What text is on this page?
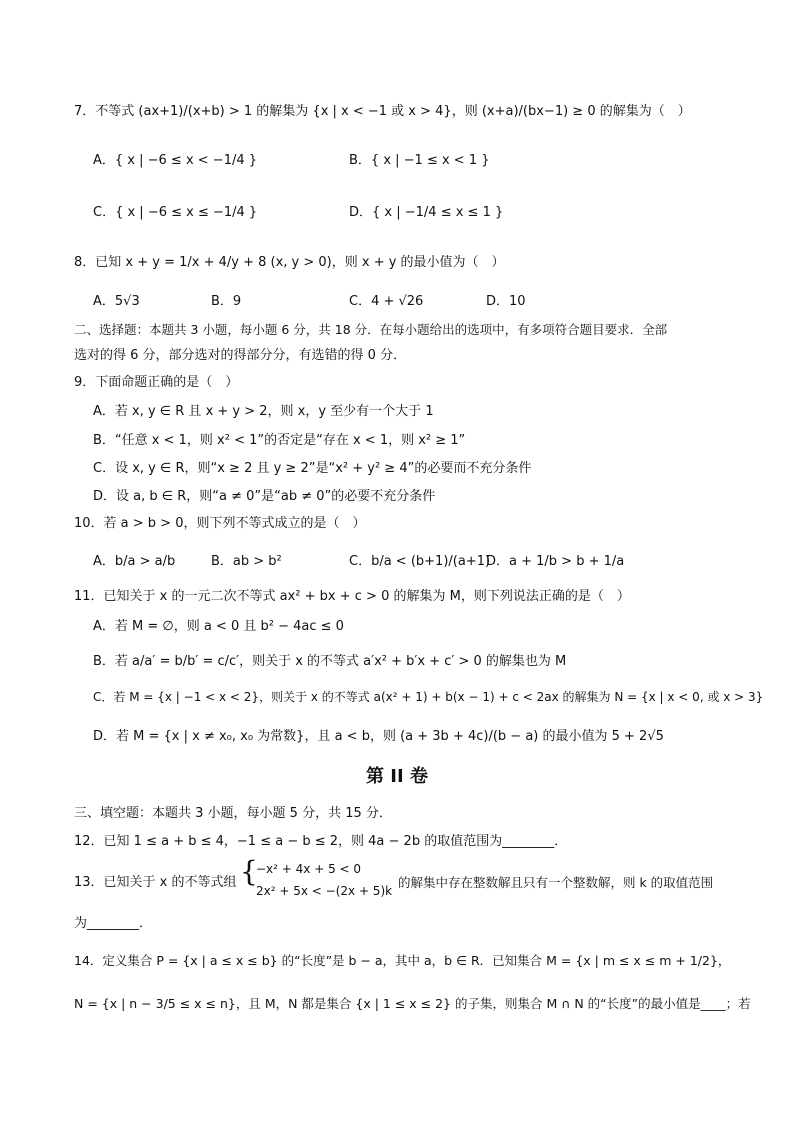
7．不等式 (ax+1)/(x+b) > 1 的解集为 {x | x < −1 或 x > 4}，则 (x+a)/(bx−1) ≥ 0 的解集为（　）
A．{ x | −6 ≤ x < −1/4 }	B．{ x | −1 ≤ x < 1 }
C．{ x | −6 ≤ x ≤ −1/4 }	D．{ x | −1/4 ≤ x ≤ 1 }
8．已知 x + y = 1/x + 4/y + 8 (x, y > 0)，则 x + y 的最小值为（　）
A．5√3	B．9	C．4 + √26	D．10
二、选择题：本题共 3 小题，每小题 6 分，共 18 分．在每小题给出的选项中，有多项符合题目要求．全部
选对的得 6 分，部分选对的得部分分，有选错的得 0 分．
9．下面命题正确的是（　）
A．若 x, y ∈ R 且 x + y > 2，则 x，y 至少有一个大于 1
B．“任意 x < 1，则 x² < 1”的否定是“存在 x < 1，则 x² ≥ 1”
C．设 x, y ∈ R，则“x ≥ 2 且 y ≥ 2”是“x² + y² ≥ 4”的必要而不充分条件
D．设 a, b ∈ R，则“a ≠ 0”是“ab ≠ 0”的必要不充分条件
10．若 a > b > 0，则下列不等式成立的是（　）
A．b/a > a/b	B．ab > b²	C．b/a < (b+1)/(a+1)
D．a + 1/b > b + 1/a
11．已知关于 x 的一元二次不等式 ax² + bx + c > 0 的解集为 M，则下列说法正确的是（　）
A．若 M = ∅，则 a < 0 且 b² − 4ac ≤ 0
B．若 a/a′ = b/b′ = c/c′，则关于 x 的不等式 a′x² + b′x + c′ > 0 的解集也为 M
C．若 M = {x | −1 < x < 2}，则关于 x 的不等式 a(x² + 1) + b(x − 1) + c < 2ax 的解集为 N = {x | x < 0, 或 x > 3}
D．若 M = {x | x ≠ x₀, x₀ 为常数}，且 a < b，则 (a + 3b + 4c)/(b − a) 的最小值为 5 + 2√5
第 II 卷
三、填空题：本题共 3 小题，每小题 5 分，共 15 分．
12．已知 1 ≤ a + b ≤ 4，−1 ≤ a − b ≤ 2，则 4a − 2b 的取值范围为________．
13．已知关于 x 的不等式组 {
−x² + 4x + 5 < 0
2x² + 5x < −(2x + 5)k
的解集中存在整数解且只有一个整数解，则 k 的取值范围
为________．
14．定义集合 P = {x | a ≤ x ≤ b} 的“长度”是 b − a，其中 a，b ∈ R．已知集合 M = {x | m ≤ x ≤ m + 1/2}，
N = {x | n − 3/5 ≤ x ≤ n}，且 M，N 都是集合 {x | 1 ≤ x ≤ 2} 的子集，则集合 M ∩ N 的“长度”的最小值是____；若
